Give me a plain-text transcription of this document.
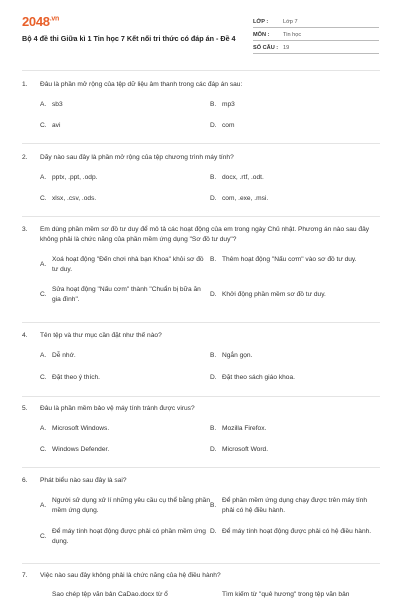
$2048^{.vn}$
Bộ 4 đề thi Giữa kì 1 Tin học 7 Kết nối tri thức có đáp án - Đề 4
LỚP :	Lớp 7
MÔN :	Tin học
SỐ CÂU : 19
1.	Đâu là phần mở rộng của tệp dữ liệu âm thanh trong các đáp án sau:
A. sb3	B. mp3
C. avi	D. com
2.	Dãy nào sau đây là phần mở rộng của tệp chương trình máy tính?
A. pptx, .ppt, .odp.	B. docx, .rtf, .odt.
C. xlsx, .csv, .ods.	D. com, .exe, .msi.
3.	Em dùng phần mềm sơ đồ tư duy để mô tả các hoạt động của em trong ngày Chủ nhật. Phương án nào sau đây không phải là chức năng của phần mềm ứng dụng "Sơ đồ tư duy"?
A.
Xoá hoạt động "Đến chơi nhà bạn Khoa" khỏi sơ đồ tư duy.
B. Thêm hoạt động "Nấu cơm" vào sơ đồ tư duy.
C.
Sửa hoạt động "Nấu cơm" thành "Chuẩn bị bữa ăn gia đình".
D. Khởi động phần mềm sơ đồ tư duy.
4.	Tên tệp và thư mục cần đặt như thế nào?
A. Dễ nhớ.	B. Ngắn gọn.
C. Đặt theo ý thích.	D. Đặt theo sách giáo khoa.
5.	Đâu là phần mềm bảo vệ máy tính tránh được virus?
A. Microsoft Windows.	B. Mozilla Firefox.
C. Windows Defender.	D. Microsoft Word.
6.	Phát biểu nào sau đây là sai?
A.
Người sử dụng xử lí những yêu cầu cụ thể bằng phần mềm ứng dụng.
B.
Để phần mềm ứng dụng chạy được trên máy tính phải có hệ điều hành.
C.
Để máy tính hoạt động được phải có phần mềm ứng dụng.
D. Để máy tính hoạt động được phải có hệ điều hành.
7.	Việc nào sau đây không phải là chức năng của hệ điều hành?
Sao chép tệp văn bản CaDao.docx từ ổ	Tìm kiếm từ "quê hương" trong tệp văn bản
